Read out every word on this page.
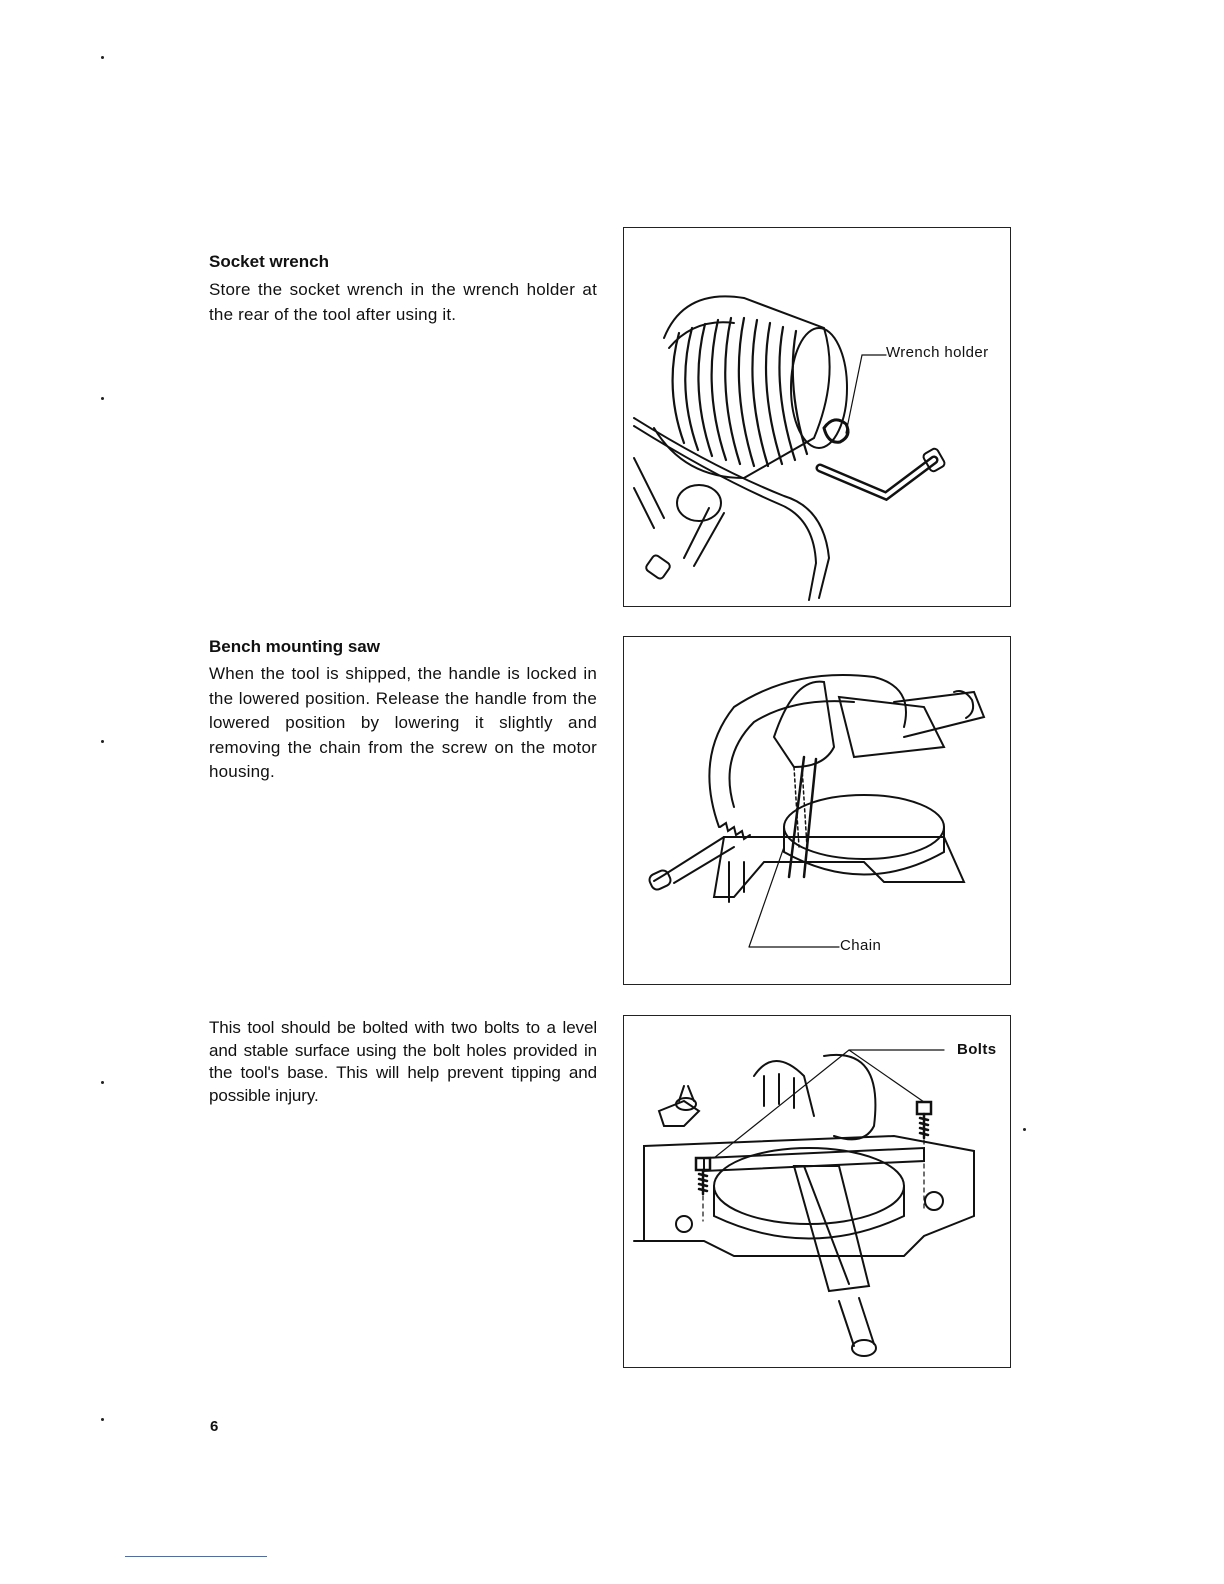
Socket wrench

Store the socket wrench in the wrench holder at the rear of the tool after using it.

Wrench holder
Bench mounting saw

When the tool is shipped, the handle is locked in the lowered position. Release the handle from the lowered position by lowering it slightly and removing the chain from the screw on the motor housing.

Chain

This tool should be bolted with two bolts to a level and stable surface using the bolt holes provided in the tool's base. This will help prevent tipping and possible injury.

Bolts
6
